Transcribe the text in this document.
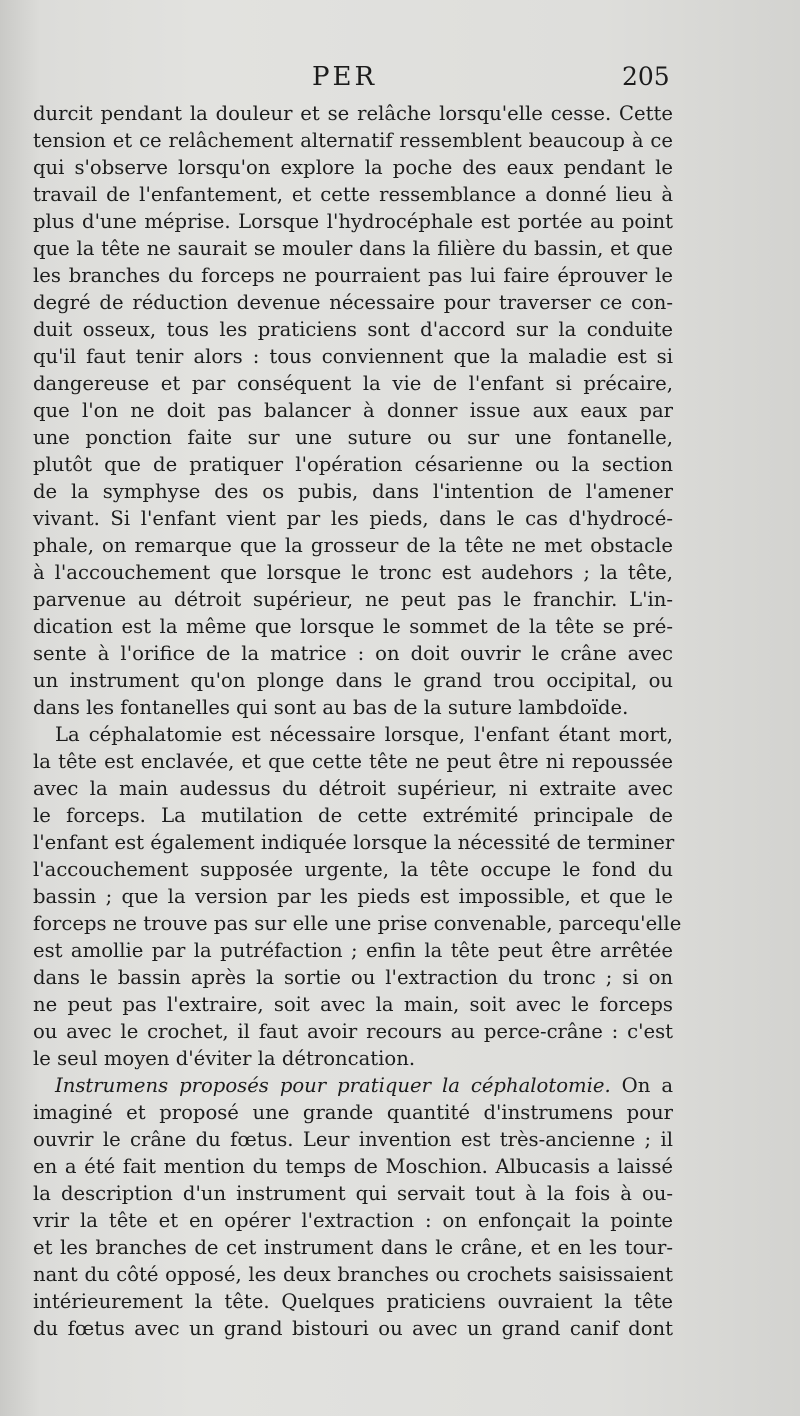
PER	205
durcit pendant la douleur et se relâche lorsqu'elle cesse. Cette
tension et ce relâchement alternatif ressemblent beaucoup à ce
qui s'observe lorsqu'on explore la poche des eaux pendant le
travail de l'enfantement, et cette ressemblance a donné lieu à
plus d'une méprise. Lorsque l'hydrocéphale est portée au point
que la tête ne saurait se mouler dans la filière du bassin, et que
les branches du forceps ne pourraient pas lui faire éprouver le
degré de réduction devenue nécessaire pour traverser ce con-
duit osseux, tous les praticiens sont d'accord sur la conduite
qu'il faut tenir alors : tous conviennent que la maladie est si
dangereuse et par conséquent la vie de l'enfant si précaire,
que l'on ne doit pas balancer à donner issue aux eaux par
une ponction faite sur une suture ou sur une fontanelle,
plutôt que de pratiquer l'opération césarienne ou la section
de la symphyse des os pubis, dans l'intention de l'amener
vivant. Si l'enfant vient par les pieds, dans le cas d'hydrocé-
phale, on remarque que la grosseur de la tête ne met obstacle
à l'accouchement que lorsque le tronc est audehors ; la tête,
parvenue au détroit supérieur, ne peut pas le franchir. L'in-
dication est la même que lorsque le sommet de la tête se pré-
sente à l'orifice de la matrice : on doit ouvrir le crâne avec
un instrument qu'on plonge dans le grand trou occipital, ou
dans les fontanelles qui sont au bas de la suture lambdoïde.
La céphalatomie est nécessaire lorsque, l'enfant étant mort,
la tête est enclavée, et que cette tête ne peut être ni repoussée
avec la main audessus du détroit supérieur, ni extraite avec
le forceps. La mutilation de cette extrémité principale de
l'enfant est également indiquée lorsque la nécessité de terminer
l'accouchement supposée urgente, la tête occupe le fond du
bassin ; que la version par les pieds est impossible, et que le
forceps ne trouve pas sur elle une prise convenable, parcequ'elle
est amollie par la putréfaction ; enfin la tête peut être arrêtée
dans le bassin après la sortie ou l'extraction du tronc ; si on
ne peut pas l'extraire, soit avec la main, soit avec le forceps
ou avec le crochet, il faut avoir recours au perce-crâne : c'est
le seul moyen d'éviter la détroncation.
Instrumens proposés pour pratiquer la céphalotomie. On a
imaginé et proposé une grande quantité d'instrumens pour
ouvrir le crâne du fœtus. Leur invention est très-ancienne ; il
en a été fait mention du temps de Moschion. Albucasis a laissé
la description d'un instrument qui servait tout à la fois à ou-
vrir la tête et en opérer l'extraction : on enfonçait la pointe
et les branches de cet instrument dans le crâne, et en les tour-
nant du côté opposé, les deux branches ou crochets saisissaient
intérieurement la tête. Quelques praticiens ouvraient la tête
du fœtus avec un grand bistouri ou avec un grand canif dont
